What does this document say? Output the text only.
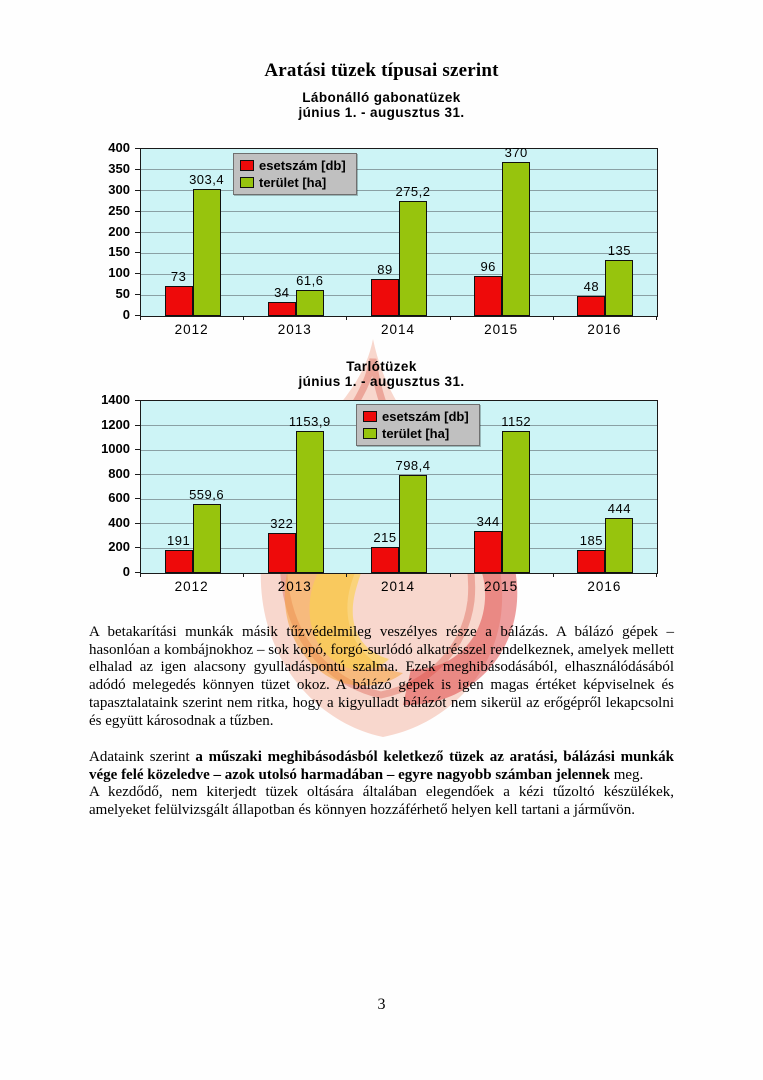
Aratási tüzek típusai szerint
Lábonálló gabonatüzek
június 1. - augusztus 31.
73
303,4
34
61,6
89
275,2
96
370
48
135
esetszám [db]
terület [ha]
0
50
100
150
200
250
300
350
400
2012	2013	2014	2015	2016
Tarlótüzek
június 1. - augusztus 31.
191
559,6
322
1153,9
215
798,4
344
1152
185
444
esetszám [db]
terület [ha]
0
200
400
600
800
1000
1200
1400
2012	2013	2014	2015	2016

A betakarítási munkák másik tűzvédelmileg veszélyes része a bálázás. A bálázó gépek – hasonlóan a kombájnokhoz – sok kopó, forgó-surlódó alkatrésszel rendelkeznek, amelyek mellett elhalad az igen alacsony gyulladáspontú szalma. Ezek meghibásodásából, elhasználódásából adódó melegedés könnyen tüzet okoz. A bálázó gépek is igen magas értéket képviselnek és tapasztalataink szerint nem ritka, hogy a kigyulladt bálázót nem sikerül az erőgépről lekapcsolni és együtt károsodnak a tűzben.

Adataink szerint a műszaki meghibásodásból keletkező tüzek az aratási, bálázási munkák vége felé közeledve – azok utolsó harmadában – egyre nagyobb számban jelennek meg.

A kezdődő, nem kiterjedt tüzek oltására általában elegendőek a kézi tűzoltó készülékek, amelyeket felülvizsgált állapotban és könnyen hozzáférhető helyen kell tartani a járművön.

3
